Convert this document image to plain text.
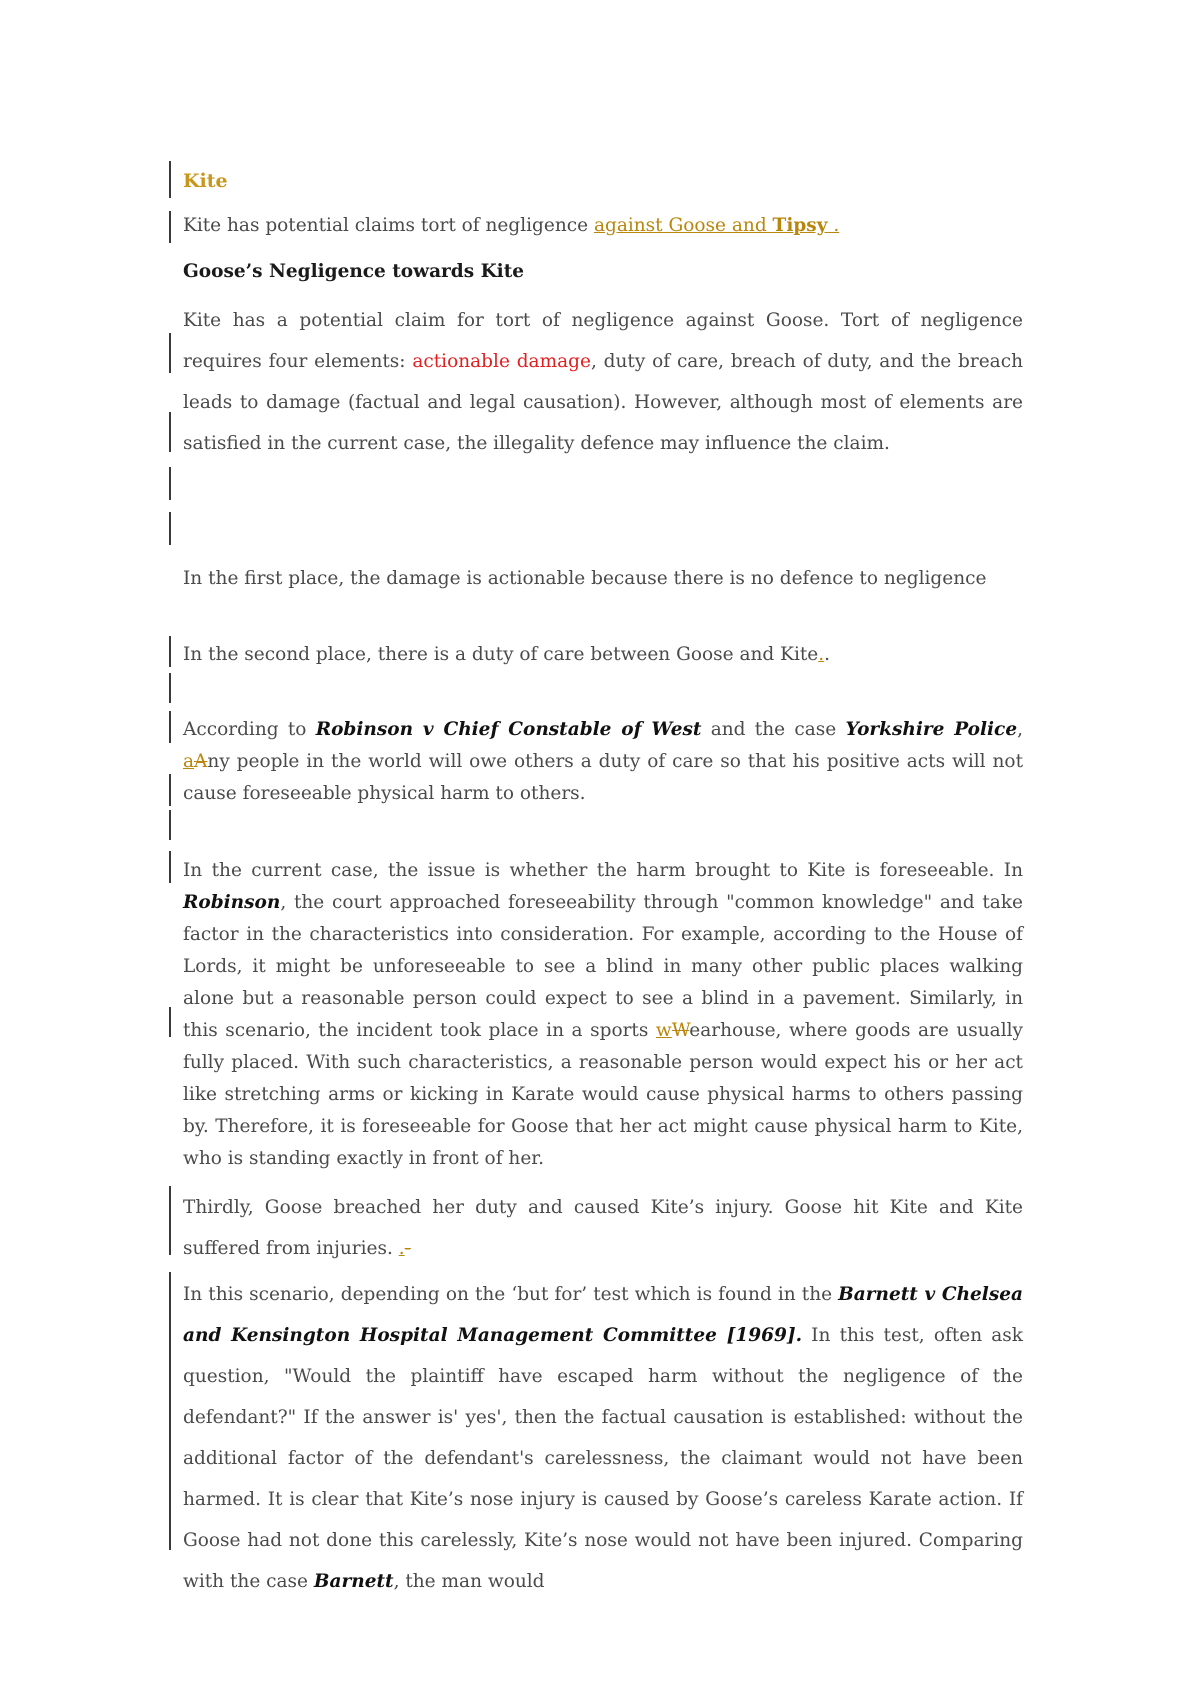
Kite
Kite has potential claims tort of negligence against Goose and Tipsy .
Goose’s Negligence towards Kite
Kite has a potential claim for tort of negligence against Goose. Tort of negligence requires four elements: actionable damage, duty of care, breach of duty, and the breach leads to damage (factual and legal causation). However, although most of elements are satisfied in the current case, the illegality defence may influence the claim.
In the first place, the damage is actionable because there is no defence to negligence
In the second place, there is a duty of care between Goose and Kite..
According to Robinson v Chief Constable of West and the case Yorkshire Police, aAny people in the world will owe others a duty of care so that his positive acts will not cause foreseeable physical harm to others.
In the current case, the issue is whether the harm brought to Kite is foreseeable. In Robinson, the court approached foreseeability through "common knowledge" and take factor in the characteristics into consideration. For example, according to the House of Lords, it might be unforeseeable to see a blind in many other public places walking alone but a reasonable person could expect to see a blind in a pavement. Similarly, in this scenario, the incident took place in a sports wWearhouse, where goods are usually fully placed. With such characteristics, a reasonable person would expect his or her act like stretching arms or kicking in Karate would cause physical harms to others passing by. Therefore, it is foreseeable for Goose that her act might cause physical harm to Kite, who is standing exactly in front of her.
Thirdly, Goose breached her duty and caused Kite’s injury. Goose hit Kite and Kite suffered from injuries. .-
In this scenario, depending on the ‘but for’ test which is found in the Barnett v Chelsea and Kensington Hospital Management Committee [1969]. In this test, often ask question, "Would the plaintiff have escaped harm without the negligence of the defendant?" If the answer is' yes', then the factual causation is established: without the additional factor of the defendant's carelessness, the claimant would not have been harmed. It is clear that Kite’s nose injury is caused by Goose’s careless Karate action. If Goose had not done this carelessly, Kite’s nose would not have been injured. Comparing with the case Barnett, the man would
